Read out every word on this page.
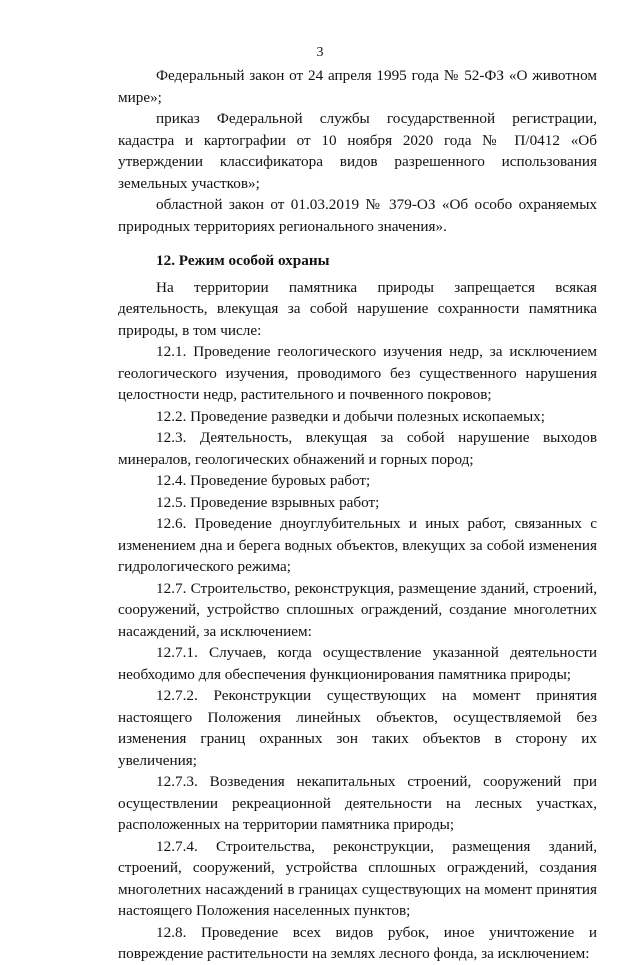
3

Федеральный закон от 24 апреля 1995 года № 52-ФЗ «О животном мире»;

приказ Федеральной службы государственной регистрации, кадастра и картографии от 10 ноября 2020 года № П/0412 «Об утверждении классификатора видов разрешенного использования земельных участков»;

областной закон от 01.03.2019 № 379-ОЗ «Об особо охраняемых природных территориях регионального значения».

12. Режим особой охраны

На территории памятника природы запрещается всякая деятельность, влекущая за собой нарушение сохранности памятника природы, в том числе:

12.1. Проведение геологического изучения недр, за исключением геологического изучения, проводимого без существенного нарушения целостности недр, растительного и почвенного покровов;

12.2. Проведение разведки и добычи полезных ископаемых;

12.3. Деятельность, влекущая за собой нарушение выходов минералов, геологических обнажений и горных пород;

12.4. Проведение буровых работ;

12.5. Проведение взрывных работ;

12.6. Проведение дноуглубительных и иных работ, связанных с изменением дна и берега водных объектов, влекущих за собой изменения гидрологического режима;

12.7. Строительство, реконструкция, размещение зданий, строений, сооружений, устройство сплошных ограждений, создание многолетних насаждений, за исключением:

12.7.1. Случаев, когда осуществление указанной деятельности необходимо для обеспечения функционирования памятника природы;

12.7.2. Реконструкции существующих на момент принятия настоящего Положения линейных объектов, осуществляемой без изменения границ охранных зон таких объектов в сторону их увеличения;

12.7.3. Возведения некапитальных строений, сооружений при осуществлении рекреационной деятельности на лесных участках, расположенных на территории памятника природы;

12.7.4. Строительства, реконструкции, размещения зданий, строений, сооружений, устройства сплошных ограждений, создания многолетних насаждений в границах существующих на момент принятия настоящего Положения населенных пунктов;

12.8. Проведение всех видов рубок, иное уничтожение и повреждение растительности на землях лесного фонда, за исключением:
